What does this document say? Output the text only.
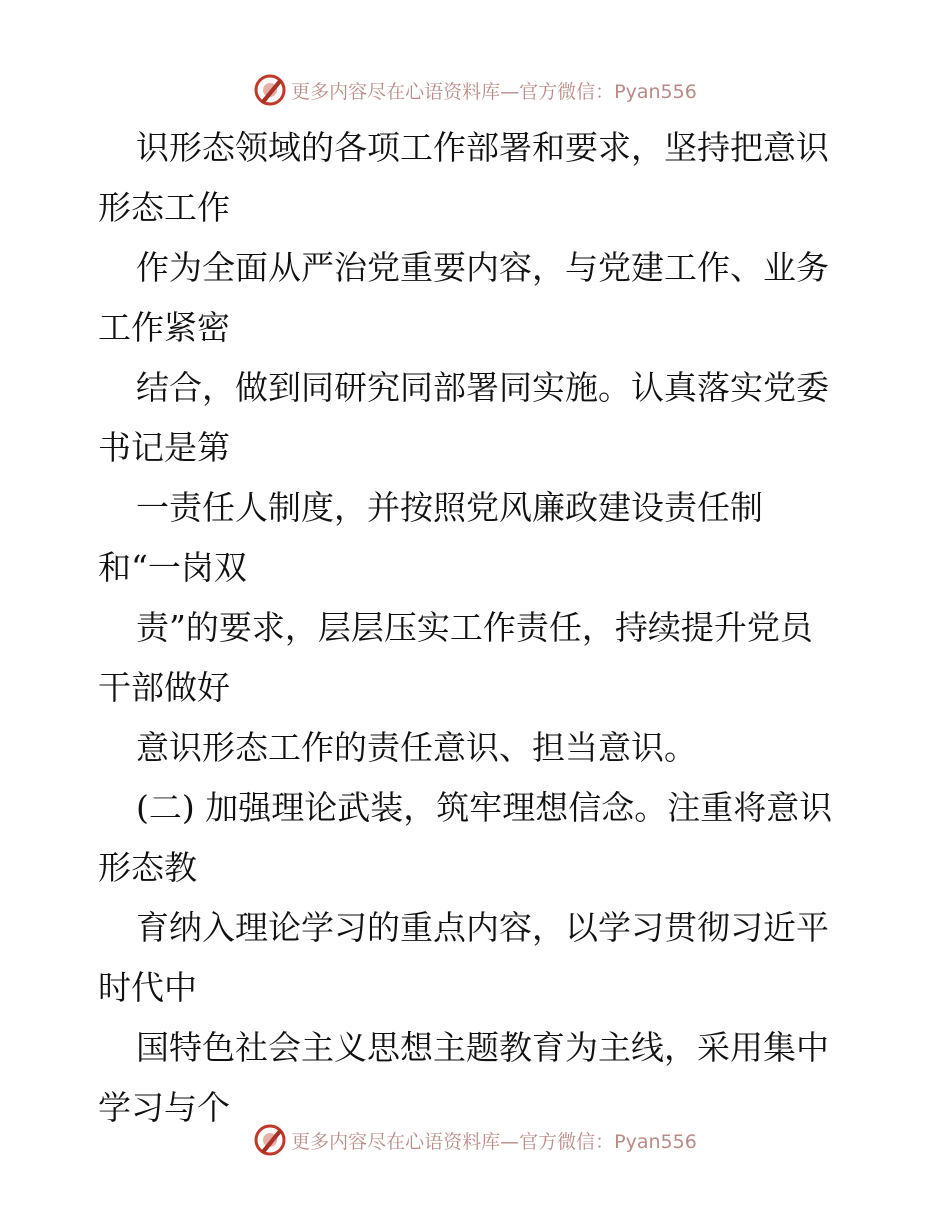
更多内容尽在心语资料库—官方微信：Pyan556
识形态领域的各项工作部署和要求，坚持把意识
形态工作
作为全面从严治党重要内容，与党建工作、业务
工作紧密
结合，做到同研究同部署同实施。认真落实党委
书记是第
一责任人制度，并按照党风廉政建设责任制
和“一岗双
责”的要求，层层压实工作责任，持续提升党员
干部做好
意识形态工作的责任意识、担当意识。
(二) 加强理论武装，筑牢理想信念。注重将意识
形态教
育纳入理论学习的重点内容，以学习贯彻习近平
时代中
国特色社会主义思想主题教育为主线，采用集中
学习与个
更多内容尽在心语资料库—官方微信：Pyan556
